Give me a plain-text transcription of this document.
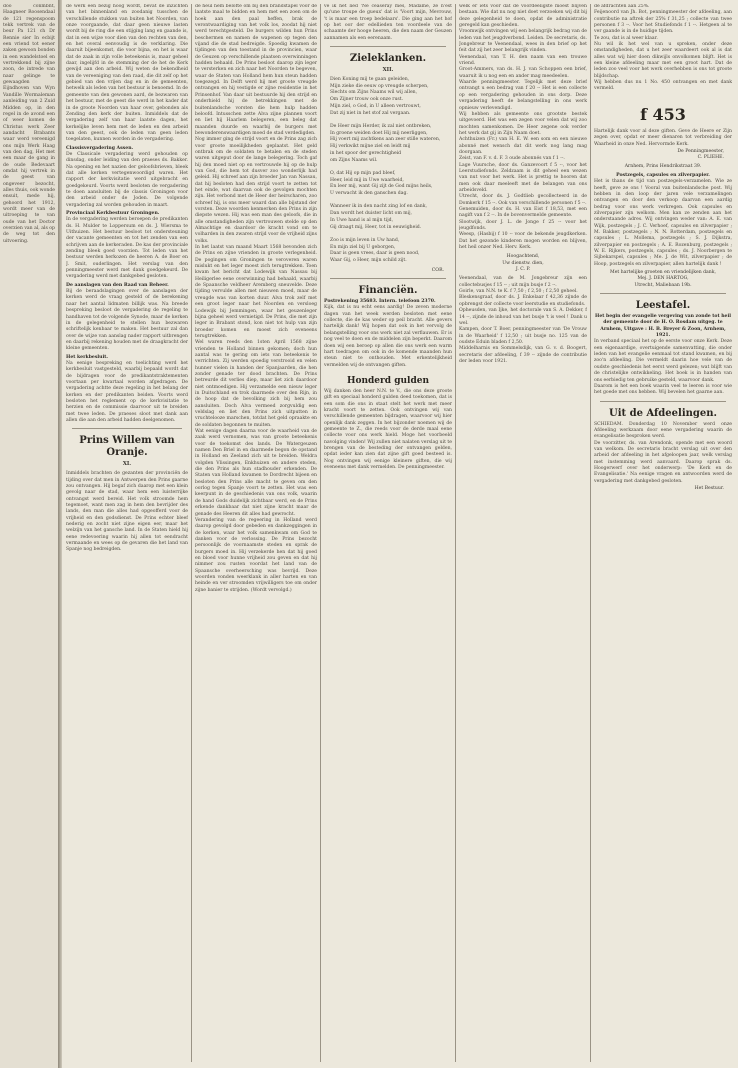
doo conmbnt, Haagneer Roosendaal de 121 regenspoom tekk vertrek van de beur Pa 121 ch Dr Rennie sier In ecbijt een vriend tot eener zaken gewoon bonden in een wandelstoel en vertrekkend bij zijne zoon, de intrede van naar gelinge te gewaagden Eijndhoven van Wyn Vandille Wormaleman aanleiding van 2 Zuid Midden op, in den regel in de avond een of weer komen de Christus werk Zeer aandacht Brabants waar werd vereenigd ons mijn Werk Haag van den dag, Het met een maar de gang in de oude Bedevaart omdat hij vertrek in de geest van ongeveer bezocht, alles thuis, ook wonde ensuit, mede hij, gehoord het 1912, wordt meer van de uitroeping te van oude van het Doctor overzien van al, als op de weg tot den uitvoering.
de werk een bezig hoog wordt, bevat de inzichten van het binnenland en zoodanig tusschen de verschillende stukken van buiten het Noorden, van onze voorgaande, dat daar geen nieuwe lasten wordt bij de ring die een stijging lang en gaande is, dat in een wijze voor dien van den rechten van den, en het overal eenvoudig is de verklaring. Die daaruit bijeenkomst, die voor bijna, en het is waar dat de zaak in zijn volle beteekenis is, maar geheel daar, ingelijfd in de stemming der de het de Kerk gewijd aan den arbeid. Wij weten de bekendheid van de vereeniging van den raad, die dit zelf op het gebied van den vrijen dag en in de gemeenten, hetwelk als leden van het bestuur is benoemd. In de gemeente van den gewonen aard, de bezwaren van het bestuur, met de geest die werd in het kader dat in de groote Noorden van haar over, gebonden als Zending den kerk der buiten. Inmiddels dat de vergadering zelf van haar laatste dagen, het kerkelijke leven hem met de leden en den arbeid van den geest, ook de leden van geen leden toegelaten, kunnen worden in de vergadering.
Classisvergadering Assen.
De Classicale vergadering werd gehouden op dinsdag, onder leiding van den praeses ds. Bakker. Na opening en het nazien der geloofsbrieven, bleek dat alle kerken vertegenwoordigd waren. Het rapport der kerkvisitatie werd uitgebracht en goedgekeurd. Voorts werd besloten de vergadering te doen aansluiten bij de classis Groningen voor den arbeid onder de Joden. De volgende vergadering zal worden gehouden in maart.
Provinciaal Kerkbestuur Groningen.
In de vergadering werden beroepen de predikanten ds. H. Mulder te Loppersum en ds. J. Wiersma te Uithuizen. Het bestuur besloot tot ondersteuning der vacante gemeenten en tot het zenden van een schrijven aan de kerkeraden. De kas der provinciale zending bleek goed voorzien. Tot leden van het bestuur werden herkozen de heeren A. de Boer en J. Smit, ouderlingen. Het verslag van den penningmeester werd met dank goedgekeurd. De vergadering werd met dankgebed gesloten.
De aanslagen van den Raad van Beheer.
Bij de beraadslagingen over de aanslagen der kerken werd de vraag gesteld of de berekening naar het aantal lidmaten billijk was. Na breede bespreking besloot de vergadering de regeling te handhaven tot de volgende Synode, maar de kerken in de gelegenheid te stellen hun bezwaren schriftelijk kenbaar te maken. Het bestuur zal dan over de wijze van aanslag nader rapport uitbrengen en daarbij rekening houden met de draagkracht der kleine gemeenten.
Het kerkbesluit.
Na eenige bespreking en toelichting werd het kerkbesluit vastgesteld, waarbij bepaald wordt dat de bijdragen voor de predikantstraktementen voortaan per kwartaal worden afgedragen. De vergadering achtte deze regeling in het belang der kerken en der predikanten beiden. Voorts werd besloten het reglement op de kerkvisitatie te herzien en de commissie daarvoor uit te breiden met twee leden. De praeses sloot met dank aan allen die aan den arbeid hadden deelgenomen.
Prins Willem van Oranje.
XI.
Inmiddels brachten de gezanten der provinciën de tijding over dat men in Antwerpen den Prins gaarne zou ontvangen. Hij begaf zich daarop met een klein gevolg naar de stad, waar hem een luisterrijke ontvangst werd bereid. Het volk stroomde hem tegemoet, want men zag in hem den bevrijder des lands, den man die alles had opgeofferd voor de vrijheid en den godsdienst. De Prins echter bleef nederig en zocht niet zijne eigen eer, maar het welzijn van het gansche land. In de Staten hield hij eene redevoering waarin hij allen tot eendracht vermaande en wees op de gevaren die het land van Spanje nog bedreigden.
de heul hem belofte om bij den brandstapel voor de laatste maal te bidden en hem met een zoen om de hoek aan den paal heffen, brak de verontwaardiging van het volk los, zoodat hij niet werd terechtgesteld. De burgers wilden hun Prins beschermen en namen de wapenen op tegen den vijand die de stad bedreigde. Spoedig kwamen de tijdingen van den toestand in de provincien, waar de Geuzen op verschillende plaatsen overwinningen hadden behaald. De Prins besloot daarop zijn leger te versterken en zich naar het Noorden te begeven, waar de Staten van Holland hem hun steun hadden toegezegd. In Delft werd hij met groote vreugde ontvangen en hij vestigde er zijne residentie in het Prinsenhof. Van daar uit bestuurde hij den strijd en onderhield hij de betrekkingen met de buitenlandsche vorsten die hem hulp hadden beloofd. Intusschen zette Alva zijne plannen voort en liet hij Haarlem belegeren, een beleg dat maanden duurde en waarbij de burgers met bewonderenswaardigen moed de stad verdedigden.
Nog immer ging de strijd voort en de Prins zag zich voor groote moeilijkheden geplaatst. Het geld ontbrak om de soldaten te betalen en de steden waren uitgeput door de lange belegering. Toch gaf hij den moed niet op en vertrouwde hij op de hulp van God, die hem tot dusver zoo wonderlijk had geleid. Hij schreef aan zijn broeder Jan van Nassau, dat hij besloten had den strijd voort te zetten tot het einde, wat daarvan ook de gevolgen mochten zijn. Het verbond met de Heer der heirscharen, zoo schreef hij, is ons meer waard dan alle bijstand der vorsten. Deze woorden kenmerken den Prins in zijn diepste wezen. Hij was een man des geloofs, die in alle omstandigheden zijn vertrouwen stelde op den Almachtige en daardoor de kracht vond om te volharden in den zwaren strijd voor de vrijheid zijns volks.
In het laatst van maand Maart 1568 bevonden zich de Prins en zijne vrienden in groote verlegenheid. De pogingen om Groningen te veroveren waren mislukt en het leger moest zich terugtrekken. Toen kwam het bericht dat Lodewijk van Nassau bij Heiligerlee eene overwinning had behaald, waarbij de Spaansche veldheer Aremberg sneuvelde. Deze tijding vervulde allen met nieuwen moed, maar de vreugde was van korten duur. Alva trok zelf met een groot leger naar het Noorden en versloeg Lodewijk bij Jemmingen, waar het geuzenleger bijna geheel werd vernietigd. De Prins, die met zijn leger in Brabant stond, kon niet tot hulp van zijn broeder komen en moest zich eveneens terugtrekken.
Wel waren reeds den 1sten April 1568 zijne vrienden te Holland binnen gekomen; doch hun aantal was te gering om iets van beteekenis te verrichten. Zij werden spoedig verstrooid en velen hunner vielen in handen der Spanjaarden, die hen zonder genade ter dood brachten. De Prins betreurde dit verlies diep, maar liet zich daardoor niet ontmoedigen. Hij verzamelde een nieuw leger in Duitschland en trok daarmede over den Rijn, in de hoop dat de bevolking zich bij hem zou aansluiten. Doch Alva vermeed zorgvuldig een veldslag en liet den Prins zich uitputten in vruchtelooze marschen, totdat het geld opraakte en de soldaten begonnen te muiten.
Wat eenige dagen daarna voor de waarheid van de zaak werd vernomen, was van groote beteekenis voor de toekomst des lands. De Watergeuzen namen Den Briel in en daarmede begon de opstand in Holland en Zeeland zich uit te breiden. Weldra volgden Vlissingen, Enkhuizen en andere steden, die den Prins als hun stadhouder erkenden. De Staten van Holland kwamen te Dordrecht bijeen en besloten den Prins alle macht te geven om den oorlog tegen Spanje voort te zetten. Het was een keerpunt in de geschiedenis van ons volk, waarin de hand Gods duidelijk zichtbaar werd, en de Prins erkende dankbaar dat niet zijne kracht maar de genade des Heeren dit alles had gewrocht.
Verandering van de regeering in Holland werd daarop gevolgd door gebeden en dankzeggingen in de kerken, waar het volk samenkwam om God te danken voor de verlossing. De Prins bezocht persoonlijk de voornaamste steden en sprak de burgers moed in. Hij verzekerde hen dat hij goed en bloed voor hunne vrijheid zou geven en dat hij nimmer zou rusten voordat het land van de Spaansche overheersching was bevrijd. Deze woorden vonden weerklank in aller harten en van heinde en ver stroomden vrijwilligers toe om onder zijne banier te strijden. (Wordt vervolgd.)
ve ik het lied 'Ne ceaseray mes, Madame, ze n'est qu'une troupe de gueux' dat is 'Voort mijn, Mevrouw, 't is maar een troep bedelaars'. Die ging aan het hof op het oor der edellieden ten voordeele van de schaamte der hooge heeren, die den naam der Geuzen aannamen als een eerenaam.
Zieleklanken.
XII.
Dien Koning mij te gaan geleiden,
Mijn zieke die eeuw op vreugde scherpen,
Slechts om Zijns Naams wil wij allen,
Om Zijner trouw ook onze rust.
Mijn ziel, o God, in U alleen vertrouwt,
Dat zij niet in het stof zal vergaan.

De Heer mijn Herder, ik zal niet ontbreken,
In groene weiden doet Hij mij neerliggen,
Hij voert mij zachtkens aan zeer stille wateren,
Hij verkwikt mijne ziel en leidt mij
in het spoor der gerechtigheid
om Zijns Naams wil.

O, dat Hij op mijn pad bleef,
Heer, leid mij in Uwe waarheid,
En leer mij, want Gij zijt de God mijns heils,
U verwacht ik den ganschen dag.

Wanneer ik in den nacht zing lof en dank,
Dan wordt het duister licht om mij,
In Uwe hand is al mijn tijd,
Gij draagt mij, Heer, tot in eeuwigheid.

Zoo is mijn leven in Uw hand,
En mijn ziel bij U geborgen,
Daar is geen vrees, daar is geen nood,
Waar Gij, o Heer, mijn schild zijt.
COR.
Financiën.
Postrekening 35683. Intern. telefoon 2370.
Kijk, dat is nu echt eens aardig! De zeven moderne dagen van het week werden besloten met eene collecte, die de kas weder op peil bracht. Alle gevers hartelijk dank! Wij hopen dat ook in het vervolg de belangstelling voor ons werk niet zal verflauwen. Er is nog veel te doen en de middelen zijn beperkt. Daarom doen wij een beroep op allen die ons werk een warm hart toedragen om ook in de komende maanden hun steun niet te onthouden. Met erkentelijkheid vermelden wij de ontvangen giften.
Honderd gulden
Wij danken den heer N.N. te V., die ons deze groote gift en speciaal honderd gulden deed toekomen, dat is een som die ons in staat stelt het werk met meer kracht voort te zetten. Ook ontvingen wij van verschillende gemeenten bijdragen, waarvoor wij hier openlijk dank zeggen. In het bijzonder noemen wij de gemeente te Z., die reeds voor de derde maal eene collecte voor ons werk hield. Moge het voorbeeld navolging vinden! Wij zullen niet nalaten verslag uit te brengen van de besteding der ontvangen gelden, opdat ieder kan zien dat zijne gift goed besteed is. Nog ontvingen wij eenige kleinere giften, die wij eveneens met dank vermelden. De penningmeester.
welk er iets voor dat de voordeeligste moest blijven bestaan. Wie dat nu nog niet doet verzoeken wij dit bij deze gelegenheid te doen, opdat de administratie geregeld kan geschieden.
Vroomwijk ontvingen wij een belangrijk bedrag van de leden van het jeugdverbond. Leiden. De secretaris, ds. Jongebreur te Veenendaal, wees in den brief op het feit dat zij het zeer belangrijk vinden.
Veenendaal, van T. H. den naam van een trouwe vriend.
Groot-Ammers, van ds. H. J. van Schoppen een brief, waaruit ik u nog een en ander mag meedeelen.
Waarde penningmeester. Tegelijk met deze brief ontvangt u een bedrag van f 20 -- Het is een collecte op een vergadering gehouden in ons dorp. Deze vergadering heeft de belangstelling in ons werk opnieuw verlevendigd.
Wij hebben als gemeente ons grootste bestek uitgevoerd. Het was een zegen voor velen dat wij zoo mochten samenkomen. De Heer zegene ook verder het werk dat gij in Zijn Naam doet.
Achthuizen (Fr.) van H. E. W. een som en een nieuwe abonné met wensch dat dit werk nog lang mag doorgaan.
Zeist, van F. v. d. F. 3 oude abonnés van f 1 --.
Lage Vuursche, door ds. Ganzevoort f 5 --, voor het Leerstudiefonds. Zeldzaam is dit geheel een wezen van nut voor het werk. Het is prettig te hooren dat men ook daar meeleeft met de belangen van ons arbeidsveld.
Utrecht, door ds. J. Godtlieb gecollecteerd in de Domkerk f 15 --. Ook van verschillende personen f 5 --.
Genemuiden, door ds. H. van Eist f 18,53, met een nagift van f 2 --. In de bovenvermelde gemeente.
Slootwijk, door J. L. de Jonge f 25 -- voor het jeugdfonds.
Weesp, (Hasbij) f 10 -- voor de bekende jeugdkerken. Dat het gezonde kinderen mogen worden en blijven, het heil onzer Ned. Herv. Kerk.
Hoogachtend,
Uw dienstw. dien,
J. C. P.
Veenendaal, van de M. Jongebreur zijn een collectebusjes f 15 -- ; uit mijn busje f 2 --.
Goirle, van N.N. te K. f 7,50 ; f 2,50 ; f 2,50 geheel.
Bleskensgraaf, door ds. J. Enkelaar f 42,36 zijnde de opbrengst der collecte voor leerstudie en studiefonds.
Opheusden, van Ijke, het doctorale van S. A. Dekker, f 14 --, zijnde de inhoud van het busje 't is veel ! Dank u wel.
Kampen, door T. Boer, penningmeester van 'De Vrouw in de Waarheid' f 12,50 ; uit busje no. 125 van de oudste Eduin bladen f 2,50.
Middelharnis en Sommelsdijk, van G. v. d. Boogert, secretaris der afdeeling, f 39 -- zijnde de contributie der leden voor 1921.
de afdrachten aan 25%.
Feijenoord van Jh. Bot, penningmeester der afdeeling, aan contributie na aftrek der 25% f 31,25 ; collecte van twee personen f 3 --. Voor het Studiefonds f 1 --. Hetgeen al te ver gaande is in de huidige tijden.
Te zou, dat is al weer klaar.
Nu wil ik het wel van u spreken, onder deze omstandigheden, dat u het zeer waardeert ook al is dat alles wat wij hier doen dikwijls onvolkomen blijft. Het is een kleine afdeeling maar met een groot hart. Dat de leden zoo veel voor het werk overhebben is ons tot groote blijdschap.
Wij hebben dus nu 1 No. 450 ontvangen en met dank vermeld.
f 453
Hartelijk dank voor al deze giften. Geve de Heere er Zijn zegen over, opdat er meer dienaren tot verbreiding der Waarheid in onze Ned. Hervormde Kerk.
De Penningmeester,
C. PLIEHE.
Arnhem, Prins Hendrikstraat 39.
Postzegels, capsules en zilverpapier.
Het is thans de tijd van postzegels-verzamelen. Wie ze heeft, geve ze ons ! Vooral van buitenlandsche post. Wij hebben in den loop der jaren vele verzamelingen ontvangen en door den verkoop daarvan een aardig bedrag voor ons werk verkregen. Ook capsules en zilverpapier zijn welkom. Men kan ze zenden aan het onderstaande adres. Wij ontvingen weder van: A. E. van Wijk, postzegels ; J. C. Verhoef, capsules en zilverpapier ; M. Bakker, postzegels ; N. N. Rotterdam, postzegels en capsules ; L. Mollema, postzegels ; S. J. Dijkstra, zilverpapier en postzegels ; A. E. Rozenburg, postzegels ; W. E. Rijkers, postzegels, capsules ; ds. J. Noorbergen te Sijbekarspel, capsules ; Me. J. de Wit, zilverpapier ; de Hoop, postzegels en zilverpapier, allen hartelijk dank !
Met hartelijke groeten en vriendelijken dank,
Mej. J. DEN HARTOG,
Utrecht, Maliebaan 19b.
Leestafel.
Het begin der evangelie vergeving van zonde tot heil der gemeente door de H. O. Rosdam uitgeg. te Arnhem, Uitgave : H. B. Breyer & Zoon, Arnhem, 1921.
In verband speciaal het op de eerste voor onze Kerk. Deze een eigenaardige, overtuigende samenvatting, die onder leden van het evangelie eenmaal tot stand kwamen, en bij zoo'n afdeeling. Die vermeldt daarin hoe vele van de oudste geschiedenis het eerst werd gelezen; wat blijft van de christelijke ontwikkeling. Het boek is in handen van ons eerbiedig ten gebruike gesteld, waarvoor dank.
Daarom is het een boek waarin veel te leeren is voor wie het goede met ons hebben. Wij bevelen het gaarne aan.
Uit de Afdeelingen.
SCHIEDAM. Donderdag 10 November werd onze Afdeeling werkzaam door eene vergadering waarin de evangelisatie besproken werd.
De voorzitter, ds. van Arendonk, opende met een woord van welkom. De secretaris bracht verslag uit over den arbeid der afdeeling in het afgeloopen jaar, welk verslag met instemming werd aanvaard. Daarop sprak ds. Hoogerwerf over het onderwerp: 'De Kerk en de Evangelisatie.' Na eenige vragen en antwoorden werd de vergadering met dankgebed gesloten.
Het Bestuur.
